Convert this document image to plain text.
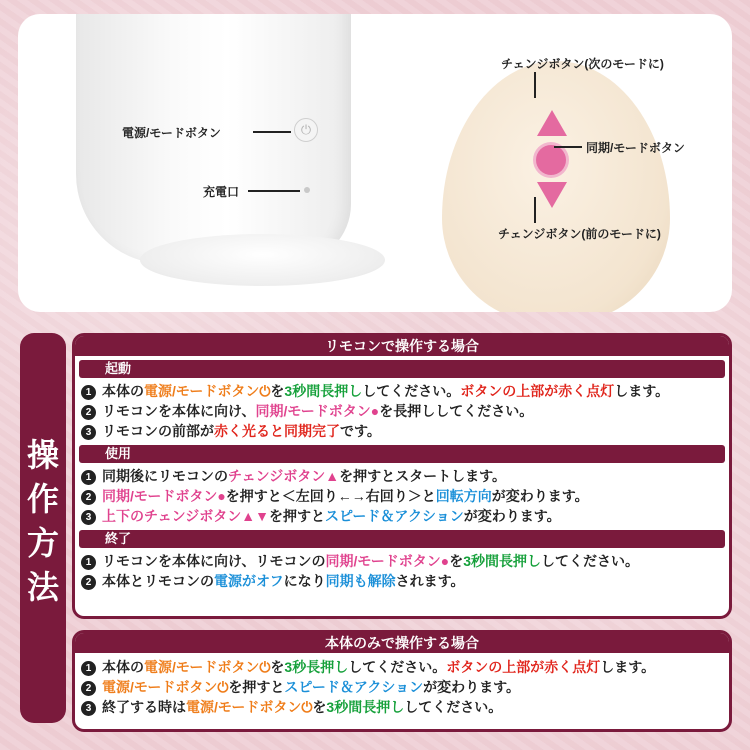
⏻
電源/モードボタン
充電口
チェンジボタン(次のモードに)
同期/モードボタン
チェンジボタン(前のモードに)
操
作
方
法
リモコンで操作する場合
起動
1 本体の電源/モードボタン⏻を3秒間長押ししてください。ボタンの上部が赤く点灯します。
2 リモコンを本体に向け、同期/モードボタン●を長押ししてください。
3 リモコンの前部が赤く光ると同期完了です。
使用
1 同期後にリモコンのチェンジボタン▲を押すとスタートします。
2 同期/モードボタン●を押すと＜左回り←→右回り＞と回転方向が変わります。
3 上下のチェンジボタン▲▼を押すとスピード＆アクションが変わります。
終了
1 リモコンを本体に向け、リモコンの同期/モードボタン●を3秒間長押ししてください。
2 本体とリモコンの電源がオフになり同期も解除されます。
本体のみで操作する場合
1 本体の電源/モードボタン⏻を3秒長押ししてください。ボタンの上部が赤く点灯します。
2 電源/モードボタン⏻を押すとスピード＆アクションが変わります。
3 終了する時は電源/モードボタン⏻を3秒間長押ししてください。
